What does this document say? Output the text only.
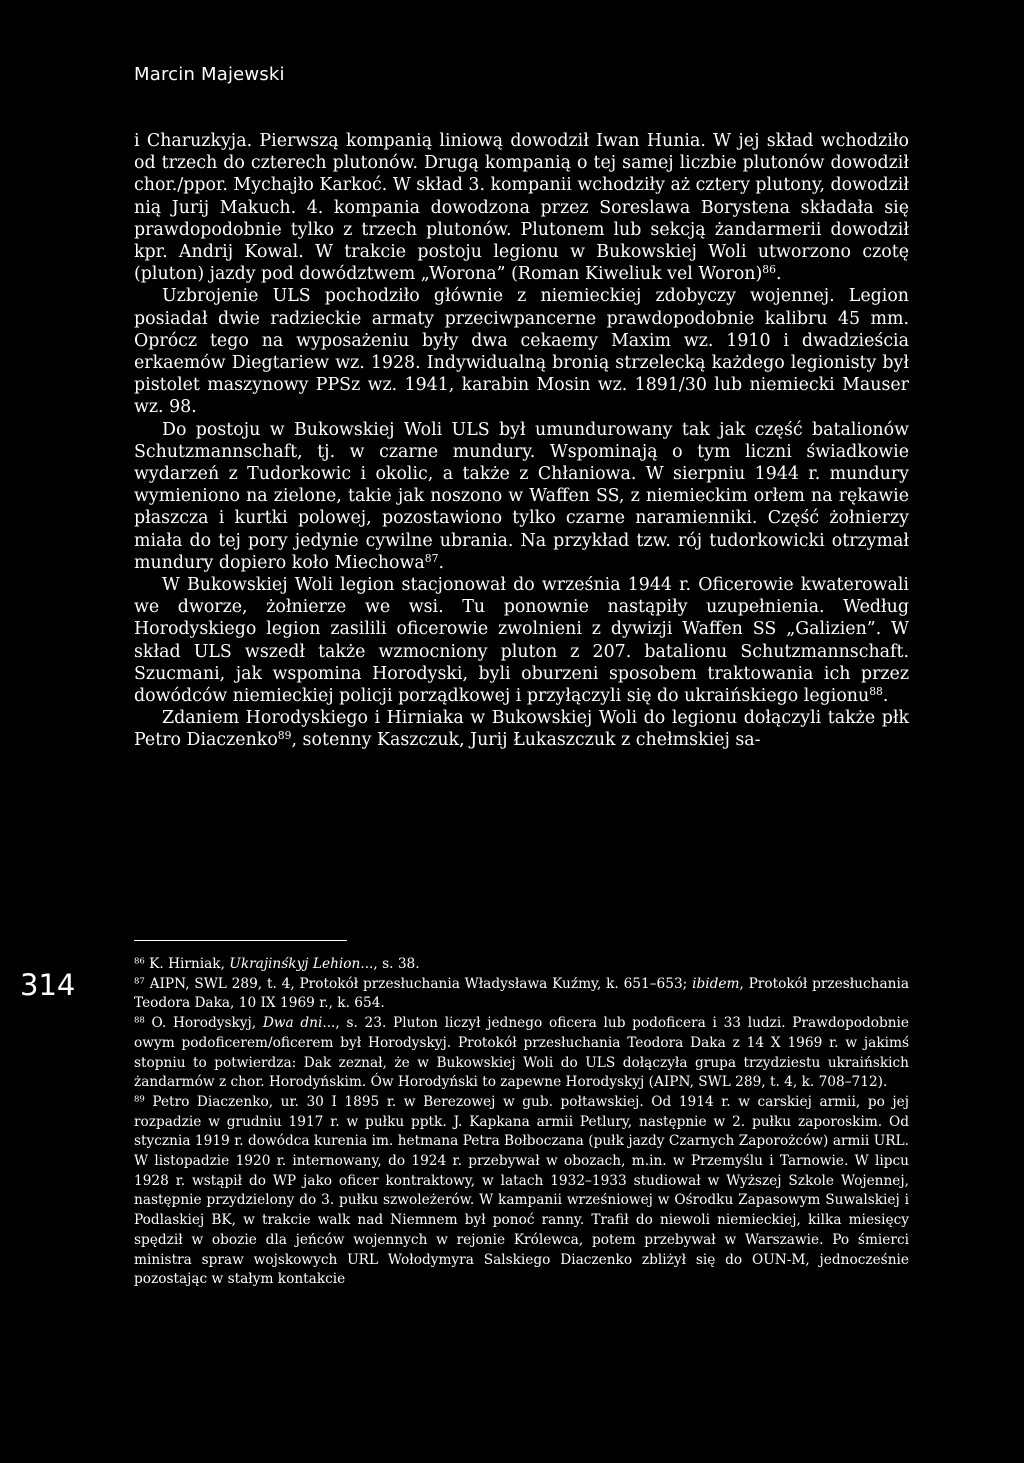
Marcin Majewski

i Charuzkyja. Pierwszą kompanią liniową dowodził Iwan Hunia. W jej skład wchodziło od trzech do czterech plutonów. Drugą kompanią o tej samej liczbie plutonów dowodził chor./ppor. Mychajło Karkoć. W skład 3. kompanii wchodziły aż cztery plutony, dowodził nią Jurij Makuch. 4. kompania dowodzona przez Soreslawa Borystena składała się prawdopodobnie tylko z trzech plutonów. Plutonem lub sekcją żandarmerii dowodził kpr. Andrij Kowal. W trakcie postoju legionu w Bukowskiej Woli utworzono czotę (pluton) jazdy pod dowództwem „Worona” (Roman Kiweliuk vel Woron)$^{86}$.

Uzbrojenie ULS pochodziło głównie z niemieckiej zdobyczy wojennej. Legion posiadał dwie radzieckie armaty przeciwpancerne prawdopodobnie kalibru 45 mm. Oprócz tego na wyposażeniu były dwa cekaemy Maxim wz. 1910 i dwadzieścia erkaemów Diegtariew wz. 1928. Indywidualną bronią strzelecką każdego legionisty był pistolet maszynowy PPSz wz. 1941, karabin Mosin wz. 1891/30 lub niemiecki Mauser wz. 98.

Do postoju w Bukowskiej Woli ULS był umundurowany tak jak część batalionów Schutzmannschaft, tj. w czarne mundury. Wspominają o tym liczni świadkowie wydarzeń z Tudorkowic i okolic, a także z Chłaniowa. W sierpniu 1944 r. mundury wymieniono na zielone, takie jak noszono w Waffen SS, z niemieckim orłem na rękawie płaszcza i kurtki polowej, pozostawiono tylko czarne naramienniki. Część żołnierzy miała do tej pory jedynie cywilne ubrania. Na przykład tzw. rój tudorkowicki otrzymał mundury dopiero koło Miechowa$^{87}$.

W Bukowskiej Woli legion stacjonował do września 1944 r. Oficerowie kwaterowali we dworze, żołnierze we wsi. Tu ponownie nastąpiły uzupełnienia. Według Horodyskiego legion zasilili oficerowie zwolnieni z dywizji Waffen SS „Galizien”. W skład ULS wszedł także wzmocniony pluton z 207. batalionu Schutzmannschaft. Szucmani, jak wspomina Horodyski, byli oburzeni sposobem traktowania ich przez dowódców niemieckiej policji porządkowej i przyłączyli się do ukraińskiego legionu$^{88}$.

Zdaniem Horodyskiego i Hirniaka w Bukowskiej Woli do legionu dołączyli także płk Petro Diaczenko$^{89}$, sotenny Kaszczuk, Jurij Łukaszczuk z chełmskiej sa-

314

$^{86}$ K. Hirniak, Ukrajinśkyj Lehion..., s. 38.

$^{87}$ AIPN, SWL 289, t. 4, Protokół przesłuchania Władysława Kuźmy, k. 651–653; ibidem, Protokół przesłuchania Teodora Daka, 10 IX 1969 r., k. 654.

$^{88}$ O. Horodyskyj, Dwa dni..., s. 23. Pluton liczył jednego oficera lub podoficera i 33 ludzi. Prawdopodobnie owym podoficerem/oficerem był Horodyskyj. Protokół przesłuchania Teodora Daka z 14 X 1969 r. w jakimś stopniu to potwierdza: Dak zeznał, że w Bukowskiej Woli do ULS dołączyła grupa trzydziestu ukraińskich żandarmów z chor. Horodyńskim. Ów Horodyński to zapewne Horodyskyj (AIPN, SWL 289, t. 4, k. 708–712).

$^{89}$ Petro Diaczenko, ur. 30 I 1895 r. w Berezowej w gub. połtawskiej. Od 1914 r. w carskiej armii, po jej rozpadzie w grudniu 1917 r. w pułku pptk. J. Kapkana armii Petlury, następnie w 2. pułku zaporoskim. Od stycznia 1919 r. dowódca kurenia im. hetmana Petra Bołboczana (pułk jazdy Czarnych Zaporożców) armii URL. W listopadzie 1920 r. internowany, do 1924 r. przebywał w obozach, m.in. w Przemyślu i Tarnowie. W lipcu 1928 r. wstąpił do WP jako oficer kontraktowy, w latach 1932–1933 studiował w Wyższej Szkole Wojennej, następnie przydzielony do 3. pułku szwoleżerów. W kampanii wrześniowej w Ośrodku Zapasowym Suwalskiej i Podlaskiej BK, w trakcie walk nad Niemnem był ponoć ranny. Trafił do niewoli niemieckiej, kilka miesięcy spędził w obozie dla jeńców wojennych w rejonie Królewca, potem przebywał w Warszawie. Po śmierci ministra spraw wojskowych URL Wołodymyra Salskiego Diaczenko zbliżył się do OUN-M, jednocześnie pozostając w stałym kontakcie
